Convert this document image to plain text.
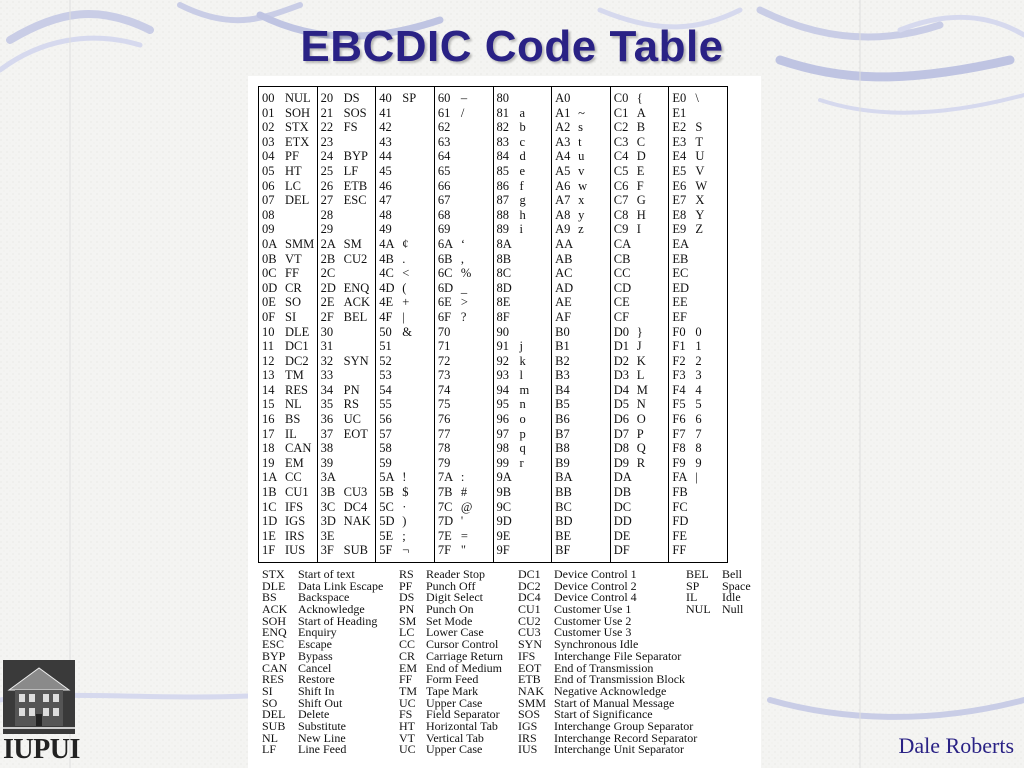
EBCDIC Code Table
00 NUL
01 SOH
02 STX
03 ETX
04 PF
05 HT
06 LC
07 DEL
08
09
0A SMM
0B VT
0C FF
0D CR
0E SO
0F SI
10 DLE
11 DC1
12 DC2
13 TM
14 RES
15 NL
16 BS
17 IL
18 CAN
19 EM
1A CC
1B CU1
1C IFS
1D IGS
1E IRS
1F IUS
20 DS
21 SOS
22 FS
23
24 BYP
25 LF
26 ETB
27 ESC
28
29
2A SM
2B CU2
2C
2D ENQ
2E ACK
2F BEL
30
31
32 SYN
33
34 PN
35 RS
36 UC
37 EOT
38
39
3A
3B CU3
3C DC4
3D NAK
3E
3F SUB
40 SP
41
42
43
44
45
46
47
48
49
4A ¢
4B .
4C <
4D (
4E +
4F |
50 &
51
52
53
54
55
56
57
58
59
5A !
5B $
5C ·
5D )
5E ;
5F ¬
60 –
61 /
62
63
64
65
66
67
68
69
6A ‘
6B ,
6C %
6D _
6E >
6F ?
70
71
72
73
74
75
76
77
78
79
7A :
7B #
7C @
7D '
7E =
7F "
80
81 a
82 b
83 c
84 d
85 e
86 f
87 g
88 h
89 i
8A
8B
8C
8D
8E
8F
90
91 j
92 k
93 l
94 m
95 n
96 o
97 p
98 q
99 r
9A
9B
9C
9D
9E
9F
A0
A1 ~
A2 s
A3 t
A4 u
A5 v
A6 w
A7 x
A8 y
A9 z
AA
AB
AC
AD
AE
AF
B0
B1
B2
B3
B4
B5
B6
B7
B8
B9
BA
BB
BC
BD
BE
BF
C0 {
C1 A
C2 B
C3 C
C4 D
C5 E
C6 F
C7 G
C8 H
C9 I
CA
CB
CC
CD
CE
CF
D0 }
D1 J
D2 K
D3 L
D4 M
D5 N
D6 O
D7 P
D8 Q
D9 R
DA
DB
DC
DD
DE
DF
E0 \
E1
E2 S
E3 T
E4 U
E5 V
E6 W
E7 X
E8 Y
E9 Z
EA
EB
EC
ED
EE
EF
F0 0
F1 1
F2 2
F3 3
F4 4
F5 5
F6 6
F7 7
F8 8
F9 9
FA |
FB
FC
FD
FE
FF
STX Start of text
DLE Data Link Escape
BS Backspace
ACK Acknowledge
SOH Start of Heading
ENQ Enquiry
ESC Escape
BYP Bypass
CAN Cancel
RES Restore
SI Shift In
SO Shift Out
DEL Delete
SUB Substitute
NL New Line
LF Line Feed
RS Reader Stop
PF Punch Off
DS Digit Select
PN Punch On
SM Set Mode
LC Lower Case
CC Cursor Control
CR Carriage Return
EM End of Medium
FF Form Feed
TM Tape Mark
UC Upper Case
FS Field Separator
HT Horizontal Tab
VT Vertical Tab
UC Upper Case
DC1 Device Control 1
DC2 Device Control 2
DC4 Device Control 4
CU1 Customer Use 1
CU2 Customer Use 2
CU3 Customer Use 3
SYN Synchronous Idle
IFS Interchange File Separator
EOT End of Transmission
ETB End of Transmission Block
NAK Negative Acknowledge
SMM Start of Manual Message
SOS Start of Significance
IGS Interchange Group Separator
IRS Interchange Record Separator
IUS Interchange Unit Separator
BEL Bell
SP Space
IL Idle
NUL Null
IUPUI	Dale Roberts
